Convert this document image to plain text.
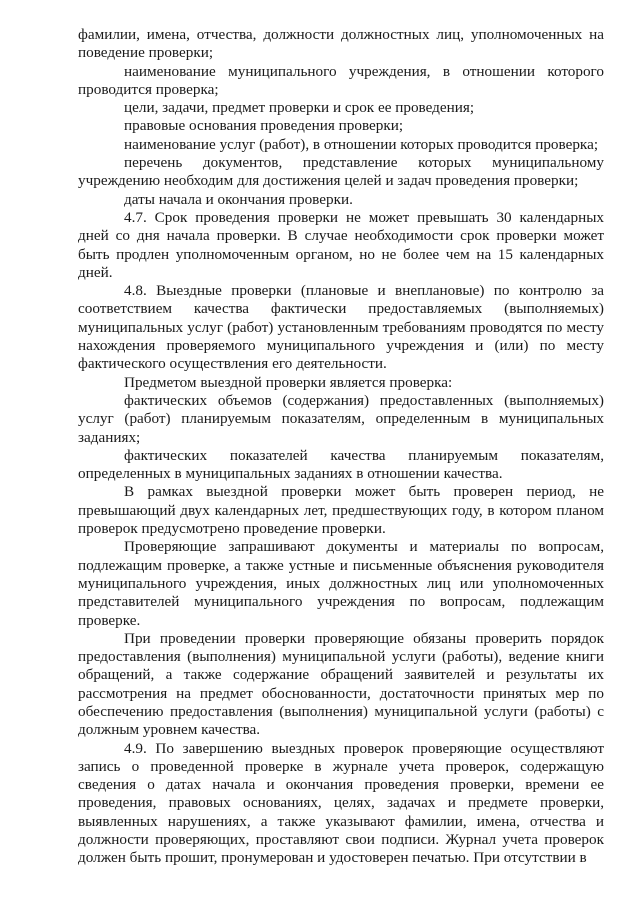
фамилии, имена, отчества, должности должностных лиц, уполномоченных на поведение проверки;

наименование муниципального учреждения, в отношении которого проводится проверка;

цели, задачи, предмет проверки и срок ее проведения;

правовые основания проведения проверки;

наименование услуг (работ), в отношении которых проводится проверка;

перечень документов, представление которых муниципальному учреждению необходим для достижения целей и задач проведения проверки;

даты начала и окончания проверки.

4.7. Срок проведения проверки не может превышать 30 календарных дней со дня начала проверки. В случае необходимости срок проверки может быть продлен уполномоченным органом, но не более чем на 15 календарных дней.

4.8. Выездные проверки (плановые и внеплановые) по контролю за соответствием качества фактически предоставляемых (выполняемых) муниципальных услуг (работ) установленным требованиям проводятся по месту нахождения проверяемого муниципального учреждения и (или) по месту фактического осуществления его деятельности.

Предметом выездной проверки является проверка:

фактических объемов (содержания) предоставленных (выполняемых) услуг (работ) планируемым показателям, определенным в муниципальных заданиях;

фактических показателей качества планируемым показателям, определенных в муниципальных заданиях в отношении качества.

В рамках выездной проверки может быть проверен период, не превышающий двух календарных лет, предшествующих году, в котором планом проверок предусмотрено проведение проверки.

Проверяющие запрашивают документы и материалы по вопросам, подлежащим проверке, а также устные и письменные объяснения руководителя муниципального учреждения, иных должностных лиц или уполномоченных представителей муниципального учреждения по вопросам, подлежащим проверке.

При проведении проверки проверяющие обязаны проверить порядок предоставления (выполнения) муниципальной услуги (работы), ведение книги обращений, а также содержание обращений заявителей и результаты их рассмотрения на предмет обоснованности, достаточности принятых мер по обеспечению предоставления (выполнения) муниципальной услуги (работы) с должным уровнем качества.

4.9. По завершению выездных проверок проверяющие осуществляют запись о проведенной проверке в журнале учета проверок, содержащую сведения о датах начала и окончания проведения проверки, времени ее проведения, правовых основаниях, целях, задачах и предмете проверки, выявленных нарушениях, а также указывают фамилии, имена, отчества и должности проверяющих, проставляют свои подписи. Журнал учета проверок должен быть прошит, пронумерован и удостоверен печатью. При отсутствии в
